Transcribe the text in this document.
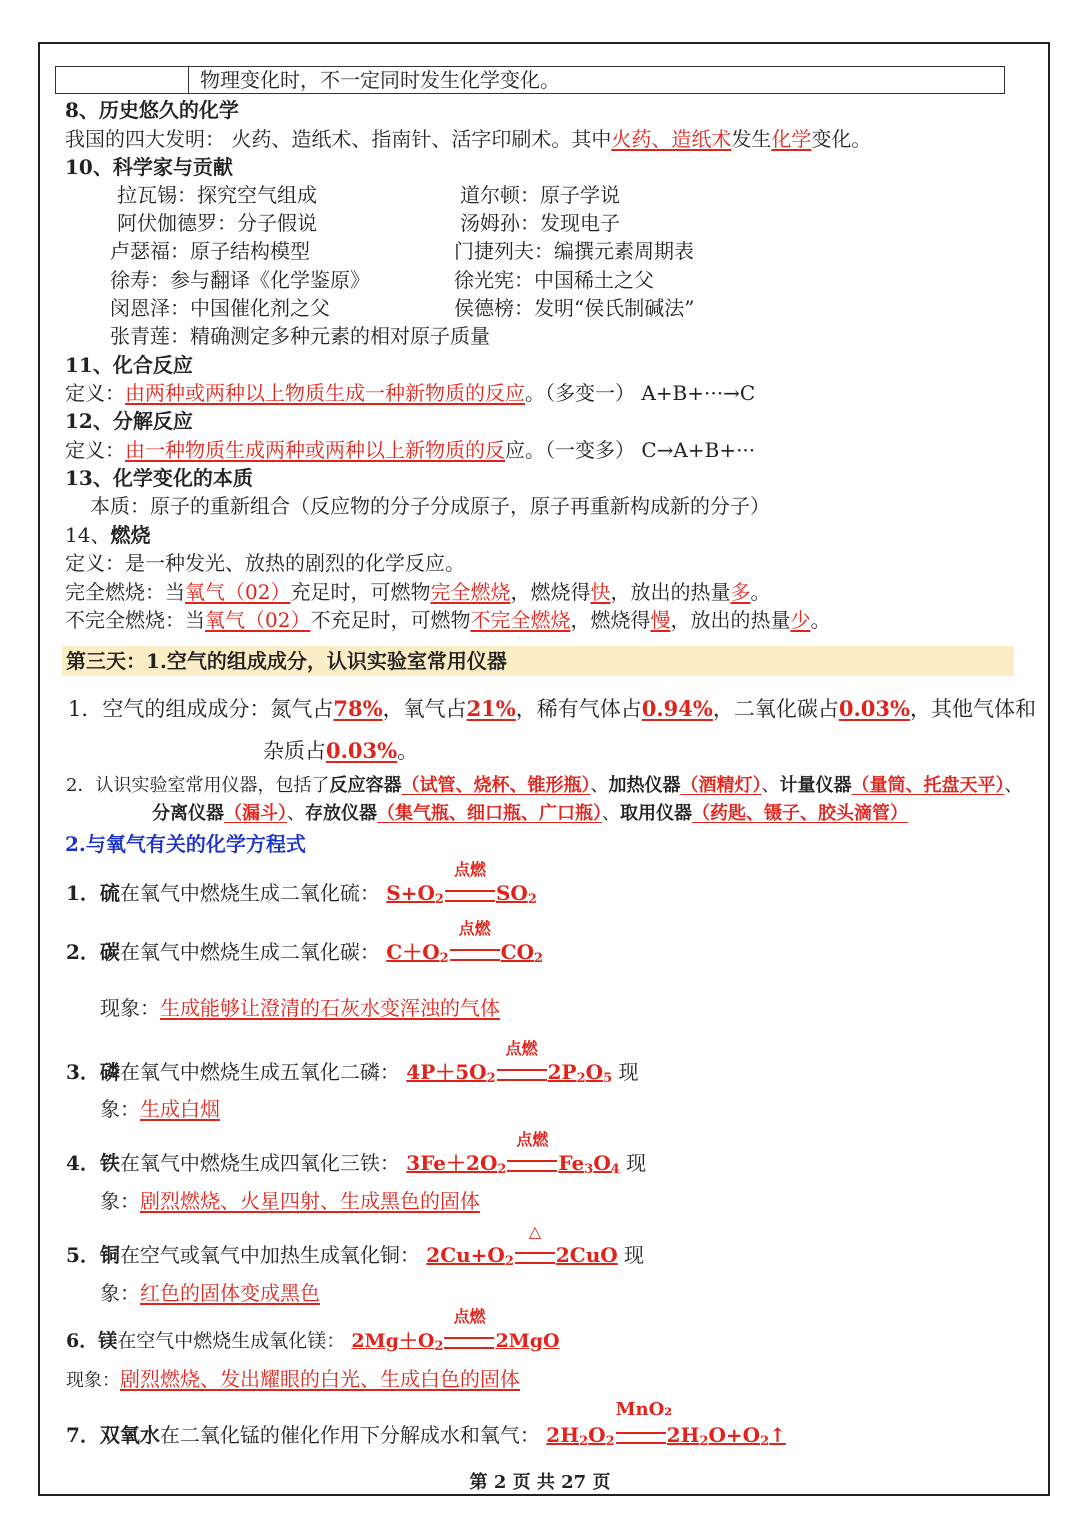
物理变化时，不一定同时发生化学变化。
8、历史悠久的化学
我国的四大发明： 火药、造纸术、指南针、活字印刷术。其中火药、造纸术发生化学变化。
10、科学家与贡献
拉瓦锡：探究空气组成	道尔顿：原子学说
阿伏伽德罗：分子假说	汤姆孙：发现电子
卢瑟福：原子结构模型	门捷列夫：编撰元素周期表
徐寿：参与翻译《化学鉴原》	徐光宪：中国稀土之父
闵恩泽：中国催化剂之父	侯德榜：发明“侯氏制碱法”
张青莲：精确测定多种元素的相对原子质量
11、化合反应
定义：由两种或两种以上物质生成一种新物质的反应。（多变一） A+B+···→C
12、分解反应
定义：由一种物质生成两种或两种以上新物质的反应。（一变多） C→A+B+···
13、化学变化的本质
本质：原子的重新组合（反应物的分子分成原子，原子再重新构成新的分子）
14、燃烧
定义：是一种发光、放热的剧烈的化学反应。
完全燃烧：当氧气（02）充足时，可燃物完全燃烧，燃烧得快，放出的热量多。
不完全燃烧：当氧气（02）不充足时，可燃物不完全燃烧，燃烧得慢，放出的热量少。
第三天：1.空气的组成成分，认识实验室常用仪器
1．空气的组成成分：氮气占78%，氧气占21%，稀有气体占0.94%，二氧化碳占0.03%，其他气体和
杂质占0.03%。
2．认识实验室常用仪器，包括了反应容器（试管、烧杯、锥形瓶）、加热仪器（酒精灯）、计量仪器（量筒、托盘天平）、
分离仪器（漏斗）、存放仪器（集气瓶、细口瓶、广口瓶）、取用仪器（药匙、镊子、胶头滴管）
2.与氧气有关的化学方程式
1．硫在氧气中燃烧生成二氧化硫： $S+O_2$
点燃
$SO_2$
2．碳在氧气中燃烧生成二氧化碳： $C+O_2$
点燃
$CO_2$
现象：生成能够让澄清的石灰水变浑浊的气体
3．磷在氧气中燃烧生成五氧化二磷： $4P+5O_2$
点燃
$2P_2O_5$ 现
象：生成白烟
4．铁在氧气中燃烧生成四氧化三铁： $3Fe+2O_2$
点燃
$Fe_3O_4$ 现
象：剧烈燃烧、火星四射、生成黑色的固体
5．铜在空气或氧气中加热生成氧化铜： $2Cu+O_2$
△
2CuO 现
象：红色的固体变成黑色
6．镁在空气中燃烧生成氧化镁： $2Mg+O_2$
点燃
2MgO
现象：剧烈燃烧、发出耀眼的白光、生成白色的固体
7．双氧水在二氧化锰的催化作用下分解成水和氧气： $2H_2O_2$
MnO₂
$2H_2O+O_2↑$
第 2 页 共 27 页
